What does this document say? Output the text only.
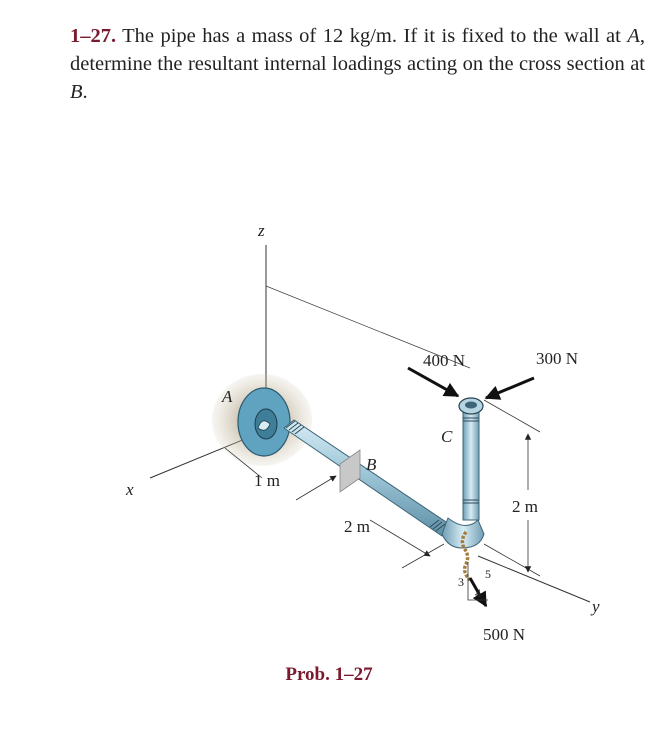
1–27. The pipe has a mass of 12 kg/m. If it is fixed to the wall at A, determine the resultant internal loadings acting on the cross section at B.
z
x
y
A
B
C
1 m
2 m
2 m
400 N	300 N
500 N
3
4
5
Prob. 1–27
